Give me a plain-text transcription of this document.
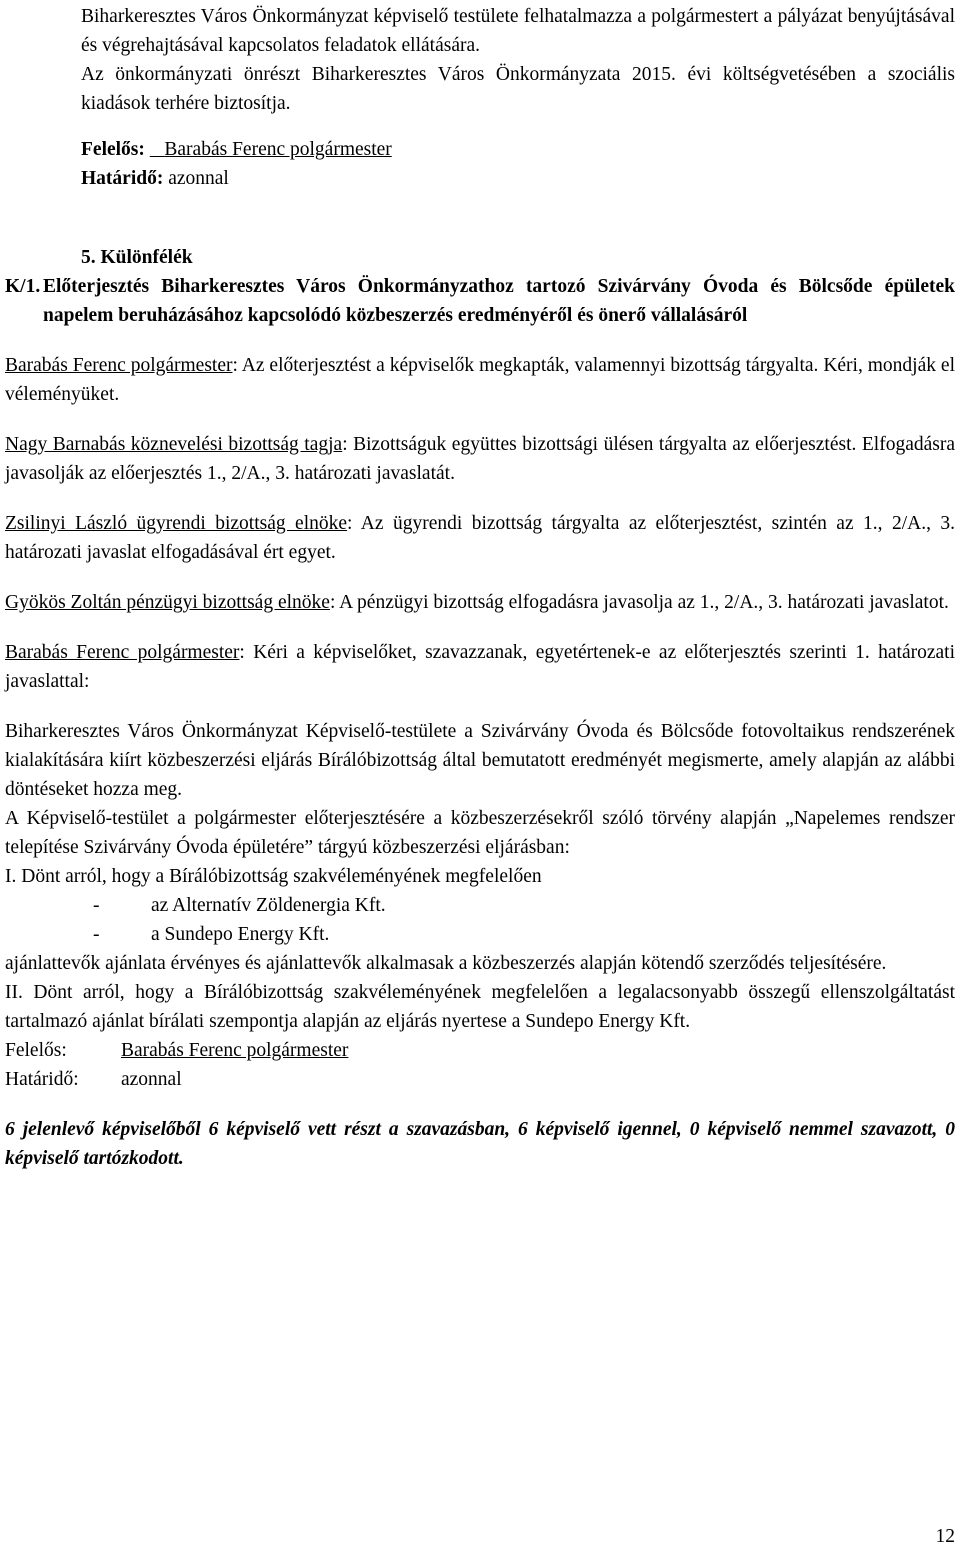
Biharkeresztes Város Önkormányzat képviselő testülete felhatalmazza a polgármestert a pályázat benyújtásával és végrehajtásával kapcsolatos feladatok ellátására.

Az önkormányzati önrészt Biharkeresztes Város Önkormányzata 2015. évi költségvetésében a szociális kiadások terhére biztosítja.

Felelős: Barabás Ferenc polgármester
Határidő: azonnal
5. Különfélék
K/1. Előterjesztés Biharkeresztes Város Önkormányzathoz tartozó Szivárvány Óvoda és Bölcsőde épületek napelem beruházásához kapcsolódó közbeszerzés eredményéről és önerő vállalásáról

Barabás Ferenc polgármester: Az előterjesztést a képviselők megkapták, valamennyi bizottság tárgyalta. Kéri, mondják el véleményüket.

Nagy Barnabás köznevelési bizottság tagja: Bizottságuk együttes bizottsági ülésen tárgyalta az előerjesztést. Elfogadásra javasolják az előerjesztés 1., 2/A., 3. határozati javaslatát.

Zsilinyi László ügyrendi bizottság elnöke: Az ügyrendi bizottság tárgyalta az előterjesztést, szintén az 1., 2/A., 3. határozati javaslat elfogadásával ért egyet.

Gyökös Zoltán pénzügyi bizottság elnöke: A pénzügyi bizottság elfogadásra javasolja az 1., 2/A., 3. határozati javaslatot.

Barabás Ferenc polgármester: Kéri a képviselőket, szavazzanak, egyetértenek-e az előterjesztés szerinti 1. határozati javaslattal:

Biharkeresztes Város Önkormányzat Képviselő-testülete a Szivárvány Óvoda és Bölcsőde fotovoltaikus rendszerének kialakítására kiírt közbeszerzési eljárás Bírálóbizottság által bemutatott eredményét megismerte, amely alapján az alábbi döntéseket hozza meg.

A Képviselő-testület a polgármester előterjesztésére a közbeszerzésekről szóló törvény alapján „Napelemes rendszer telepítése Szivárvány Óvoda épületére” tárgyú közbeszerzési eljárásban:

I. Dönt arról, hogy a Bírálóbizottság szakvéleményének megfelelően

-	az Alternatív Zöldenergia Kft.
-	a Sundepo Energy Kft.

ajánlattevők ajánlata érvényes és ajánlattevők alkalmasak a közbeszerzés alapján kötendő szerződés teljesítésére.

II. Dönt arról, hogy a Bírálóbizottság szakvéleményének megfelelően a legalacsonyabb összegű ellenszolgáltatást tartalmazó ajánlat bírálati szempontja alapján az eljárás nyertese a Sundepo Energy Kft.

Felelős:	Barabás Ferenc polgármester
Határidő: azonnal

6 jelenlevő képviselőből 6 képviselő vett részt a szavazásban, 6 képviselő igennel, 0 képviselő nemmel szavazott, 0 képviselő tartózkodott.

12
